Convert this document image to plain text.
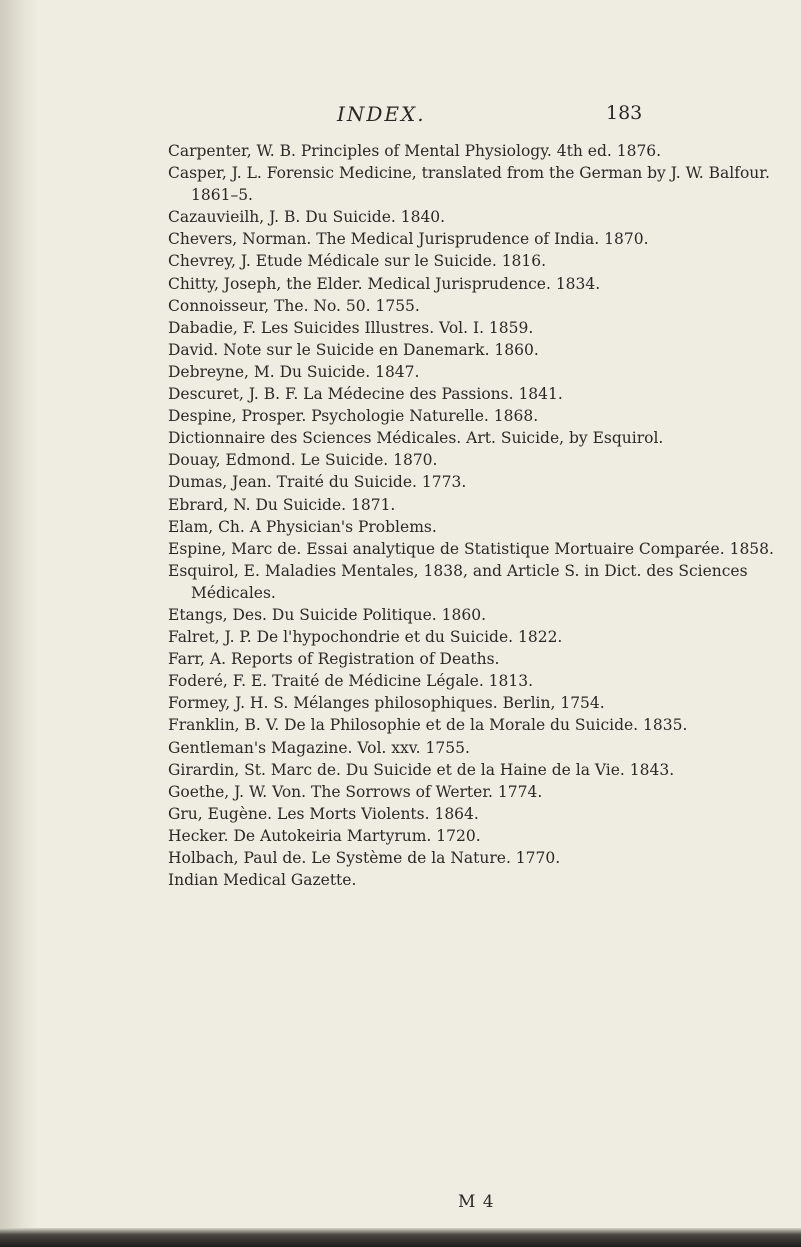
INDEX.	183
Carpenter, W. B. Principles of Mental Physiology. 4th ed. 1876.
Casper, J. L. Forensic Medicine, translated from the German by J. W. Balfour. 1861–5.
Cazauvieilh, J. B. Du Suicide. 1840.
Chevers, Norman. The Medical Jurisprudence of India. 1870.
Chevrey, J. Etude Médicale sur le Suicide. 1816.
Chitty, Joseph, the Elder. Medical Jurisprudence. 1834.
Connoisseur, The. No. 50. 1755.
Dabadie, F. Les Suicides Illustres. Vol. I. 1859.
David. Note sur le Suicide en Danemark. 1860.
Debreyne, M. Du Suicide. 1847.
Descuret, J. B. F. La Médecine des Passions. 1841.
Despine, Prosper. Psychologie Naturelle. 1868.
Dictionnaire des Sciences Médicales. Art. Suicide, by Esquirol.
Douay, Edmond. Le Suicide. 1870.
Dumas, Jean. Traité du Suicide. 1773.
Ebrard, N. Du Suicide. 1871.
Elam, Ch. A Physician's Problems.
Espine, Marc de. Essai analytique de Statistique Mortuaire Comparée. 1858.
Esquirol, E. Maladies Mentales, 1838, and Article S. in Dict. des Sciences Médicales.
Etangs, Des. Du Suicide Politique. 1860.
Falret, J. P. De l'hypochondrie et du Suicide. 1822.
Farr, A. Reports of Registration of Deaths.
Foderé, F. E. Traité de Médicine Légale. 1813.
Formey, J. H. S. Mélanges philosophiques. Berlin, 1754.
Franklin, B. V. De la Philosophie et de la Morale du Suicide. 1835.
Gentleman's Magazine. Vol. xxv. 1755.
Girardin, St. Marc de. Du Suicide et de la Haine de la Vie. 1843.
Goethe, J. W. Von. The Sorrows of Werter. 1774.
Gru, Eugène. Les Morts Violents. 1864.
Hecker. De Autokeiria Martyrum. 1720.
Holbach, Paul de. Le Système de la Nature. 1770.
Indian Medical Gazette.
M 4
